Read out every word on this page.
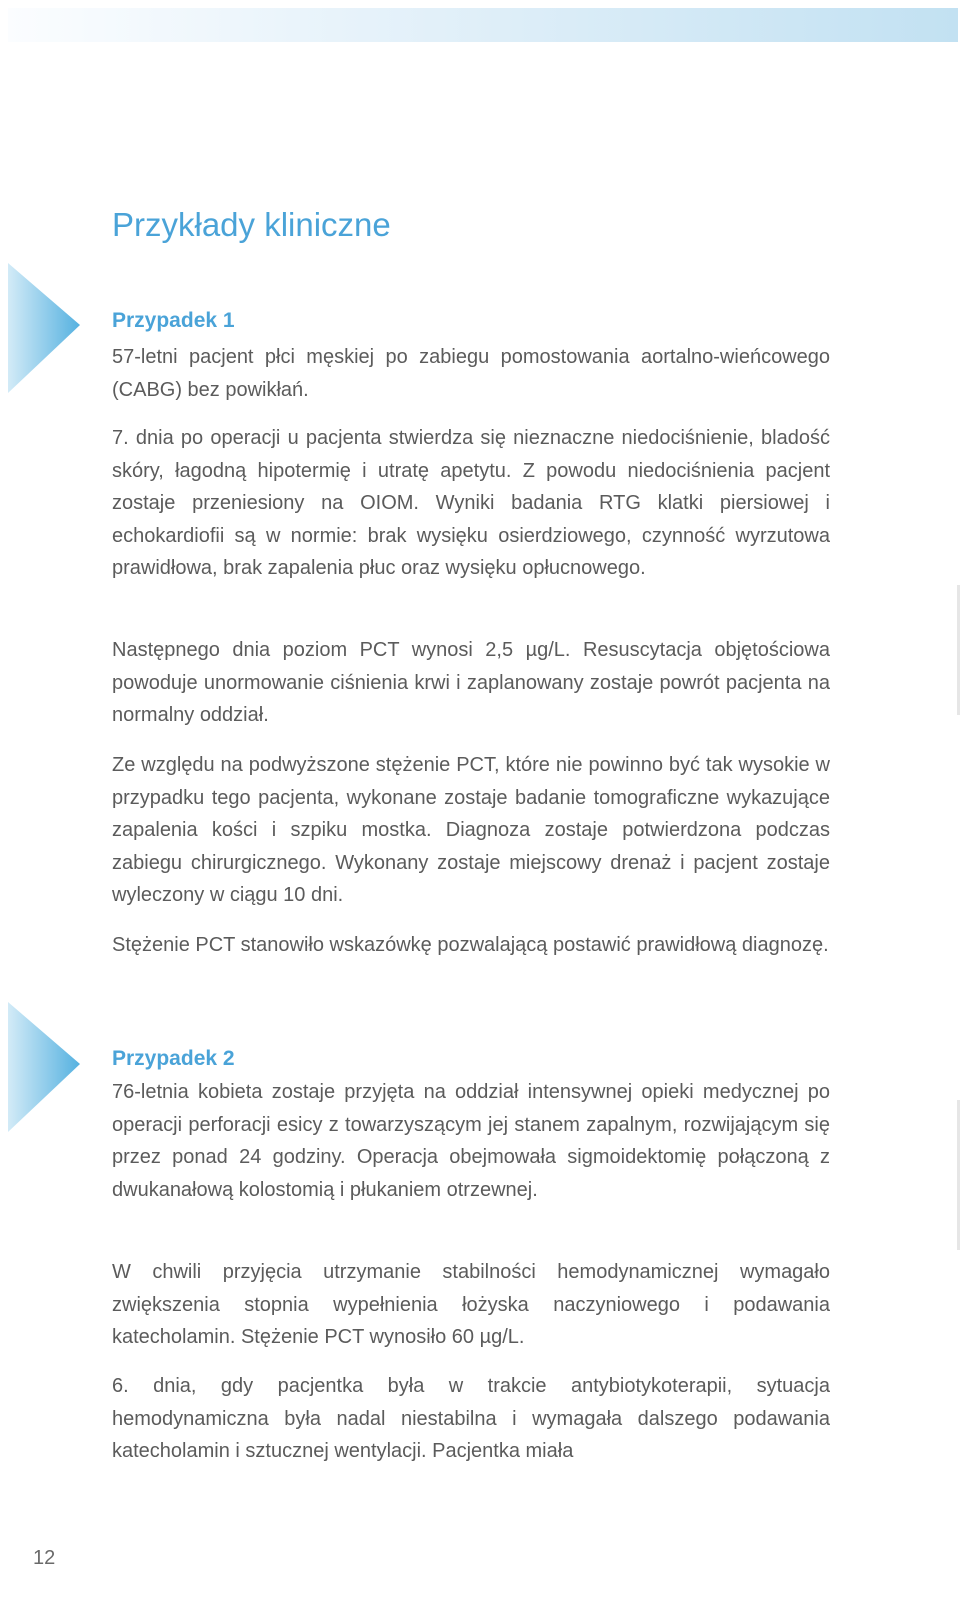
Przykłady kliniczne
Przypadek 1

57-letni pacjent płci męskiej po zabiegu pomostowania aortalno-wieńcowego (CABG) bez powikłań.

7. dnia po operacji u pacjenta stwierdza się nieznaczne niedociśnienie, bladość skóry, łagodną hipotermię i utratę apetytu. Z powodu niedociśnienia pacjent zostaje przeniesiony na OIOM. Wyniki badania RTG klatki piersiowej i echokardiofii są w normie: brak wysięku osierdziowego, czynność wyrzutowa prawidłowa, brak zapalenia płuc oraz wysięku opłucnowego.

Następnego dnia poziom PCT wynosi 2,5 µg/L. Resuscytacja objętościowa powoduje unormowanie ciśnienia krwi i zaplanowany zostaje powrót pacjenta na normalny oddział.

Ze względu na podwyższone stężenie PCT, które nie powinno być tak wysokie w przypadku tego pacjenta, wykonane zostaje badanie tomograficzne wykazujące zapalenia kości i szpiku mostka. Diagnoza zostaje potwierdzona podczas zabiegu chirurgicznego. Wykonany zostaje miejscowy drenaż i pacjent zostaje wyleczony w ciągu 10 dni.

Stężenie PCT stanowiło wskazówkę pozwalającą postawić prawidłową diagnozę.

Przypadek 2

76-letnia kobieta zostaje przyjęta na oddział intensywnej opieki medycznej po operacji perforacji esicy z towarzyszącym jej stanem zapalnym, rozwijającym się przez ponad 24 godziny. Operacja obejmowała sigmoidektomię połączoną z dwukanałową kolostomią i płukaniem otrzewnej.

W chwili przyjęcia utrzymanie stabilności hemodynamicznej wymagało zwiększenia stopnia wypełnienia łożyska naczyniowego i podawania katecholamin. Stężenie PCT wynosiło 60 µg/L.

6. dnia, gdy pacjentka była w trakcie antybiotykoterapii, sytuacja hemodynamiczna była nadal niestabilna i wymagała dalszego podawania katecholamin i sztucznej wentylacji. Pacjentka miała

12
